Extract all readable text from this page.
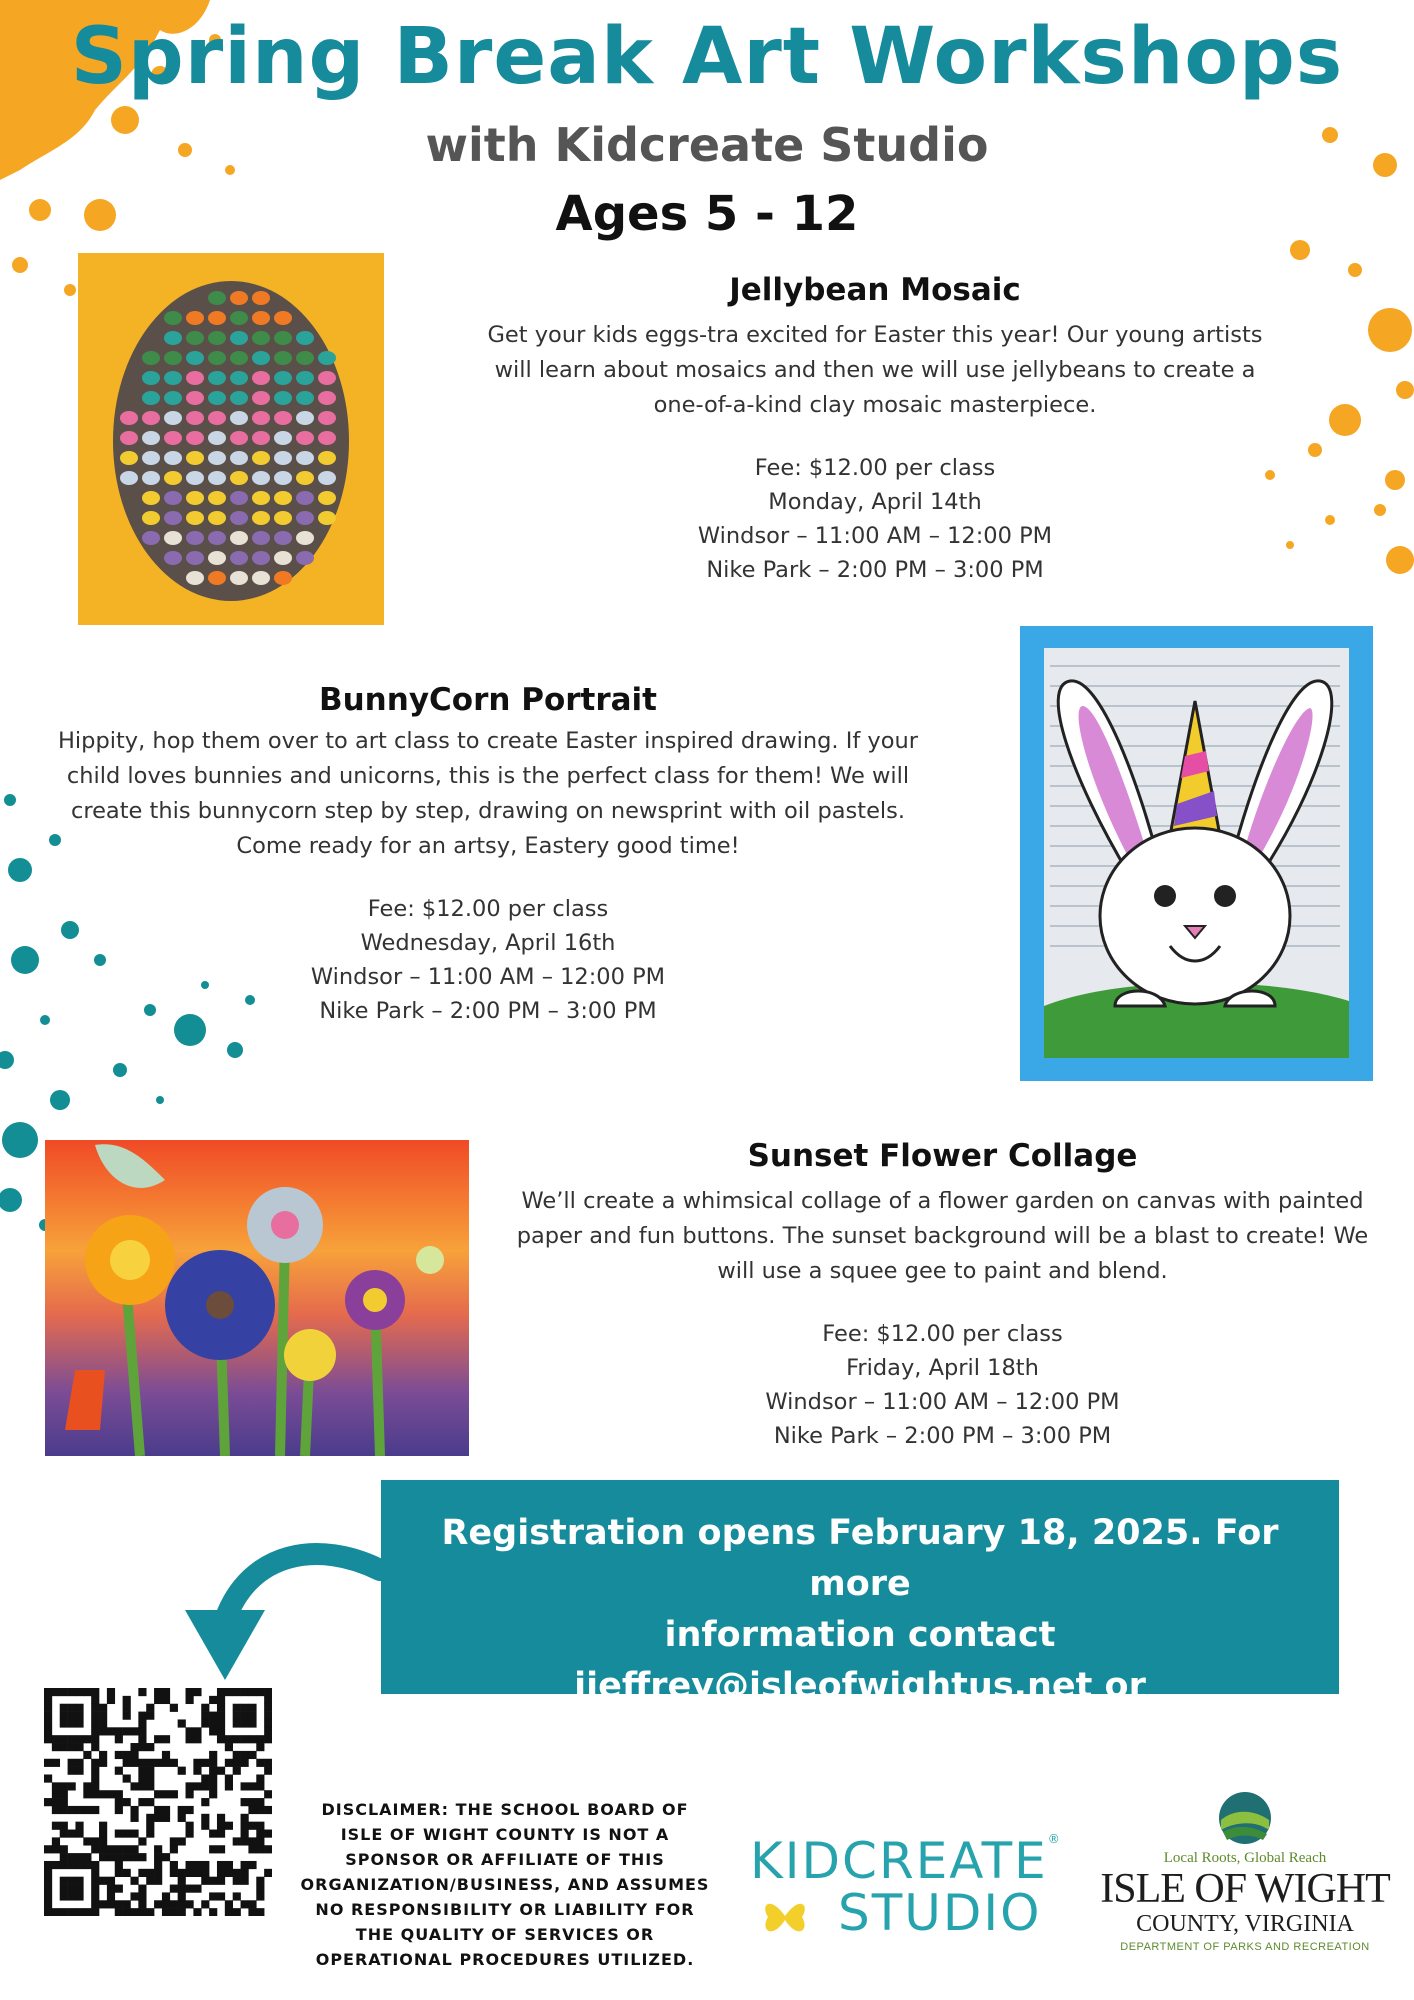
Spring Break Art Workshops
with Kidcreate Studio
Ages 5 - 12
Jellybean Mosaic
Get your kids eggs-tra excited for Easter this year! Our young artists
will learn about mosaics and then we will use jellybeans to create a
one-of-a-kind clay mosaic masterpiece.
Fee: $12.00 per class
Monday, April 14th
Windsor – 11:00 AM – 12:00 PM
Nike Park – 2:00 PM – 3:00 PM
BunnyCorn Portrait
Hippity, hop them over to art class to create Easter inspired drawing. If your
child loves bunnies and unicorns, this is the perfect class for them! We will
create this bunnycorn step by step, drawing on newsprint with oil pastels.
Come ready for an artsy, Eastery good time!
Fee: $12.00 per class
Wednesday, April 16th
Windsor – 11:00 AM – 12:00 PM
Nike Park – 2:00 PM – 3:00 PM
Sunset Flower Collage
We’ll create a whimsical collage of a flower garden on canvas with painted
paper and fun buttons. The sunset background will be a blast to create! We
will use a squee gee to paint and blend.
Fee: $12.00 per class
Friday, April 18th
Windsor – 11:00 AM – 12:00 PM
Nike Park – 2:00 PM – 3:00 PM
Registration opens February 18, 2025. For more
information contact jjeffrey@isleofwightus.net or
757-357-2291
DISCLAIMER: THE SCHOOL BOARD OF
ISLE OF WIGHT COUNTY IS NOT A
SPONSOR OR AFFILIATE OF THIS
ORGANIZATION/BUSINESS, AND ASSUMES
NO RESPONSIBILITY OR LIABILITY FOR
THE QUALITY OF SERVICES OR
OPERATIONAL PROCEDURES UTILIZED.
KIDCREATE®
STUDIO
Local Roots, Global Reach
ISLE OF WIGHT
COUNTY, VIRGINIA
DEPARTMENT OF PARKS AND RECREATION
